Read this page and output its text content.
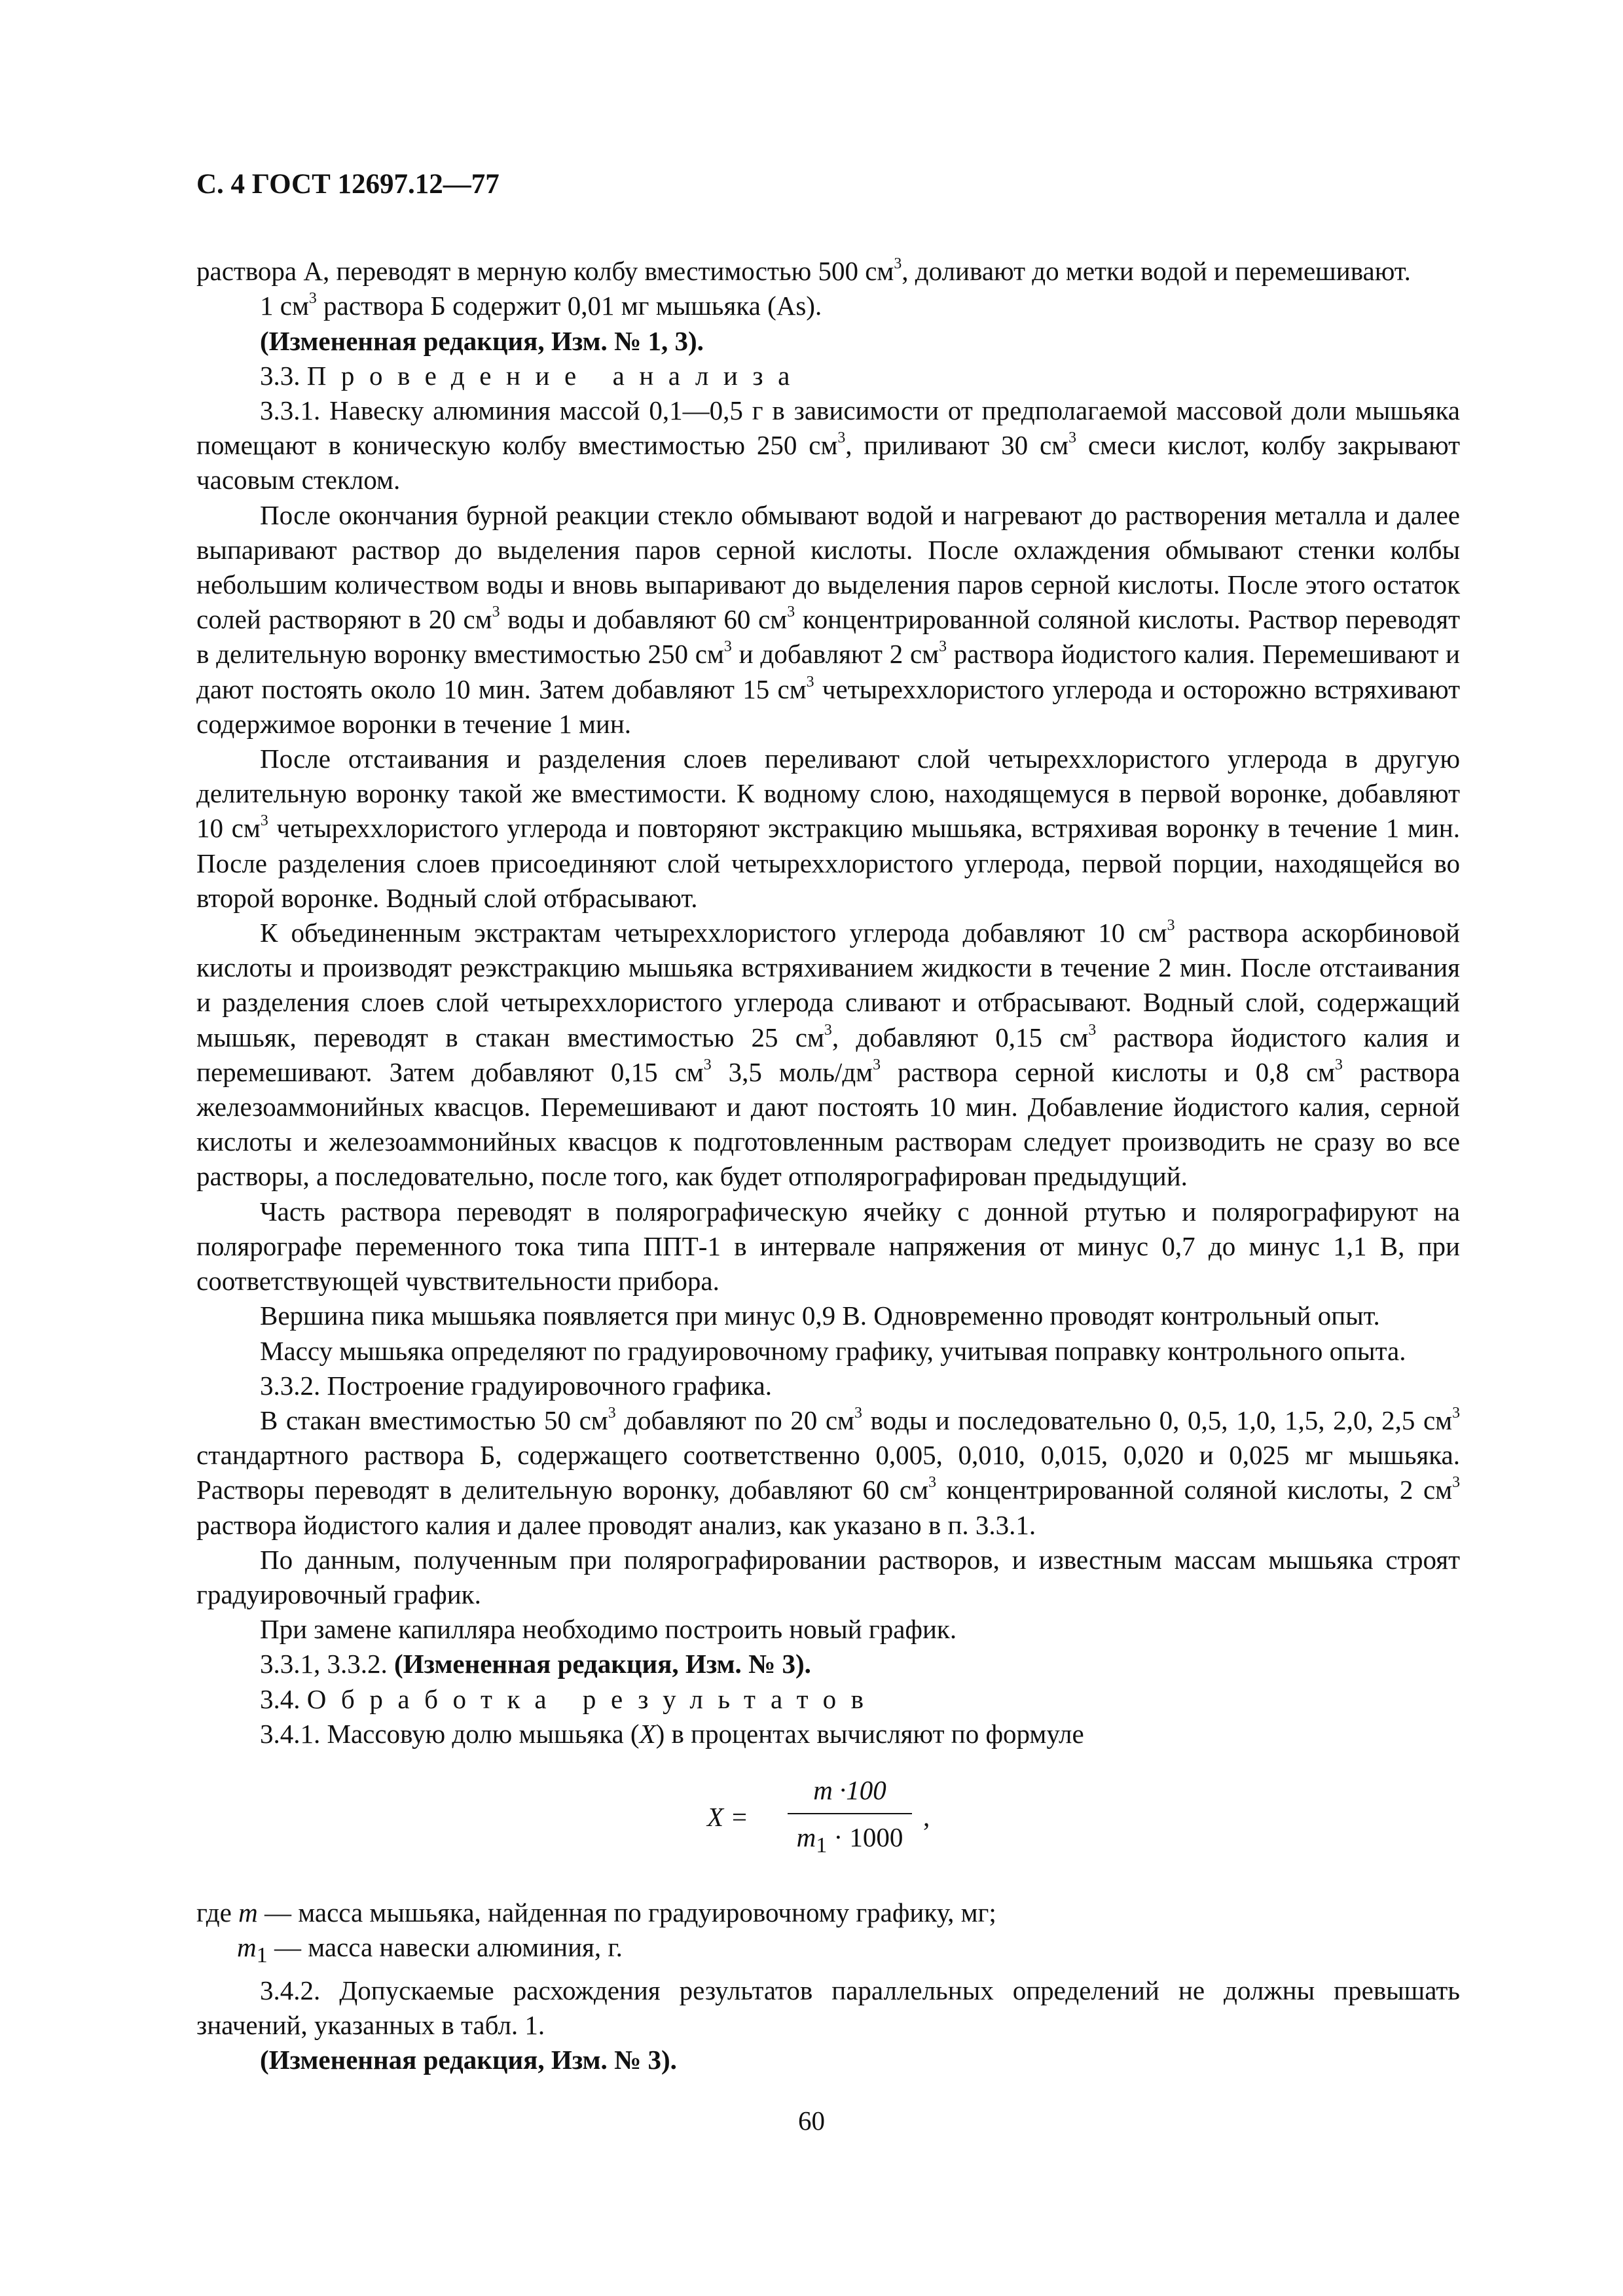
С. 4 ГОСТ 12697.12—77

раствора А, переводят в мерную колбу вместимостью 500 $см^3$, доливают до метки водой и перемешивают.

1 $см^3$ раствора Б содержит 0,01 мг мышьяка (As).

(Измененная редакция, Изм. № 1, 3).

3.3. Проведение анализа

3.3.1. Навеску алюминия массой 0,1—0,5 г в зависимости от предполагаемой массовой доли мышьяка помещают в коническую колбу вместимостью 250 $см^3$, приливают 30 $см^3$ смеси кислот, колбу закрывают часовым стеклом.

После окончания бурной реакции стекло обмывают водой и нагревают до растворения металла и далее выпаривают раствор до выделения паров серной кислоты. После охлаждения обмывают стенки колбы небольшим количеством воды и вновь выпаривают до выделения паров серной кислоты. После этого остаток солей растворяют в 20 $см^3$ воды и добавляют 60 $см^3$ концентрированной соляной кислоты. Раствор переводят в делительную воронку вместимостью 250 $см^3$ и добавляют 2 $см^3$ раствора йодистого калия. Перемешивают и дают постоять около 10 мин. Затем добавляют 15 $см^3$ четыреххлористого углерода и осторожно встряхивают содержимое воронки в течение 1 мин.

После отстаивания и разделения слоев переливают слой четыреххлористого углерода в другую делительную воронку такой же вместимости. К водному слою, находящемуся в первой воронке, добавляют 10 $см^3$ четыреххлористого углерода и повторяют экстракцию мышьяка, встряхивая воронку в течение 1 мин. После разделения слоев присоединяют слой четыреххлористого углерода, первой порции, находящейся во второй воронке. Водный слой отбрасывают.

К объединенным экстрактам четыреххлористого углерода добавляют 10 $см^3$ раствора аскорбиновой кислоты и производят реэкстракцию мышьяка встряхиванием жидкости в течение 2 мин. После отстаивания и разделения слоев слой четыреххлористого углерода сливают и отбрасывают. Водный слой, содержащий мышьяк, переводят в стакан вместимостью 25 $см^3$, добавляют 0,15 $см^3$ раствора йодистого калия и перемешивают. Затем добавляют 0,15 $см^3$ 3,5 моль/$дм^3$ раствора серной кислоты и 0,8 $см^3$ раствора железоаммонийных квасцов. Перемешивают и дают постоять 10 мин. Добавление йодистого калия, серной кислоты и железоаммонийных квасцов к подготовленным растворам следует производить не сразу во все растворы, а последовательно, после того, как будет отполярографирован предыдущий.

Часть раствора переводят в полярографическую ячейку с донной ртутью и полярографируют на полярографе переменного тока типа ППТ-1 в интервале напряжения от минус 0,7 до минус 1,1 В, при соответствующей чувствительности прибора.

Вершина пика мышьяка появляется при минус 0,9 В. Одновременно проводят контрольный опыт.

Массу мышьяка определяют по градуировочному графику, учитывая поправку контрольного опыта.

3.3.2. Построение градуировочного графика.

В стакан вместимостью 50 $см^3$ добавляют по 20 $см^3$ воды и последовательно 0, 0,5, 1,0, 1,5, 2,0, 2,5 $см^3$ стандартного раствора Б, содержащего соответственно 0,005, 0,010, 0,015, 0,020 и 0,025 мг мышьяка. Растворы переводят в делительную воронку, добавляют 60 $см^3$ концентрированной соляной кислоты, 2 $см^3$ раствора йодистого калия и далее проводят анализ, как указано в п. 3.3.1.

По данным, полученным при полярографировании растворов, и известным массам мышьяка строят градуировочный график.

При замене капилляра необходимо построить новый график.

3.3.1, 3.3.2. (Измененная редакция, Изм. № 3).

3.4. Обработка результатов

3.4.1. Массовую долю мышьяка (X) в процентах вычисляют по формуле

X =
m ·100
$m_1 \cdot 1000$
,

где m — масса мышьяка, найденная по градуировочному графику, мг;

$m_1$ — масса навески алюминия, г.

3.4.2. Допускаемые расхождения результатов параллельных определений не должны превышать значений, указанных в табл. 1.

(Измененная редакция, Изм. № 3).

60
